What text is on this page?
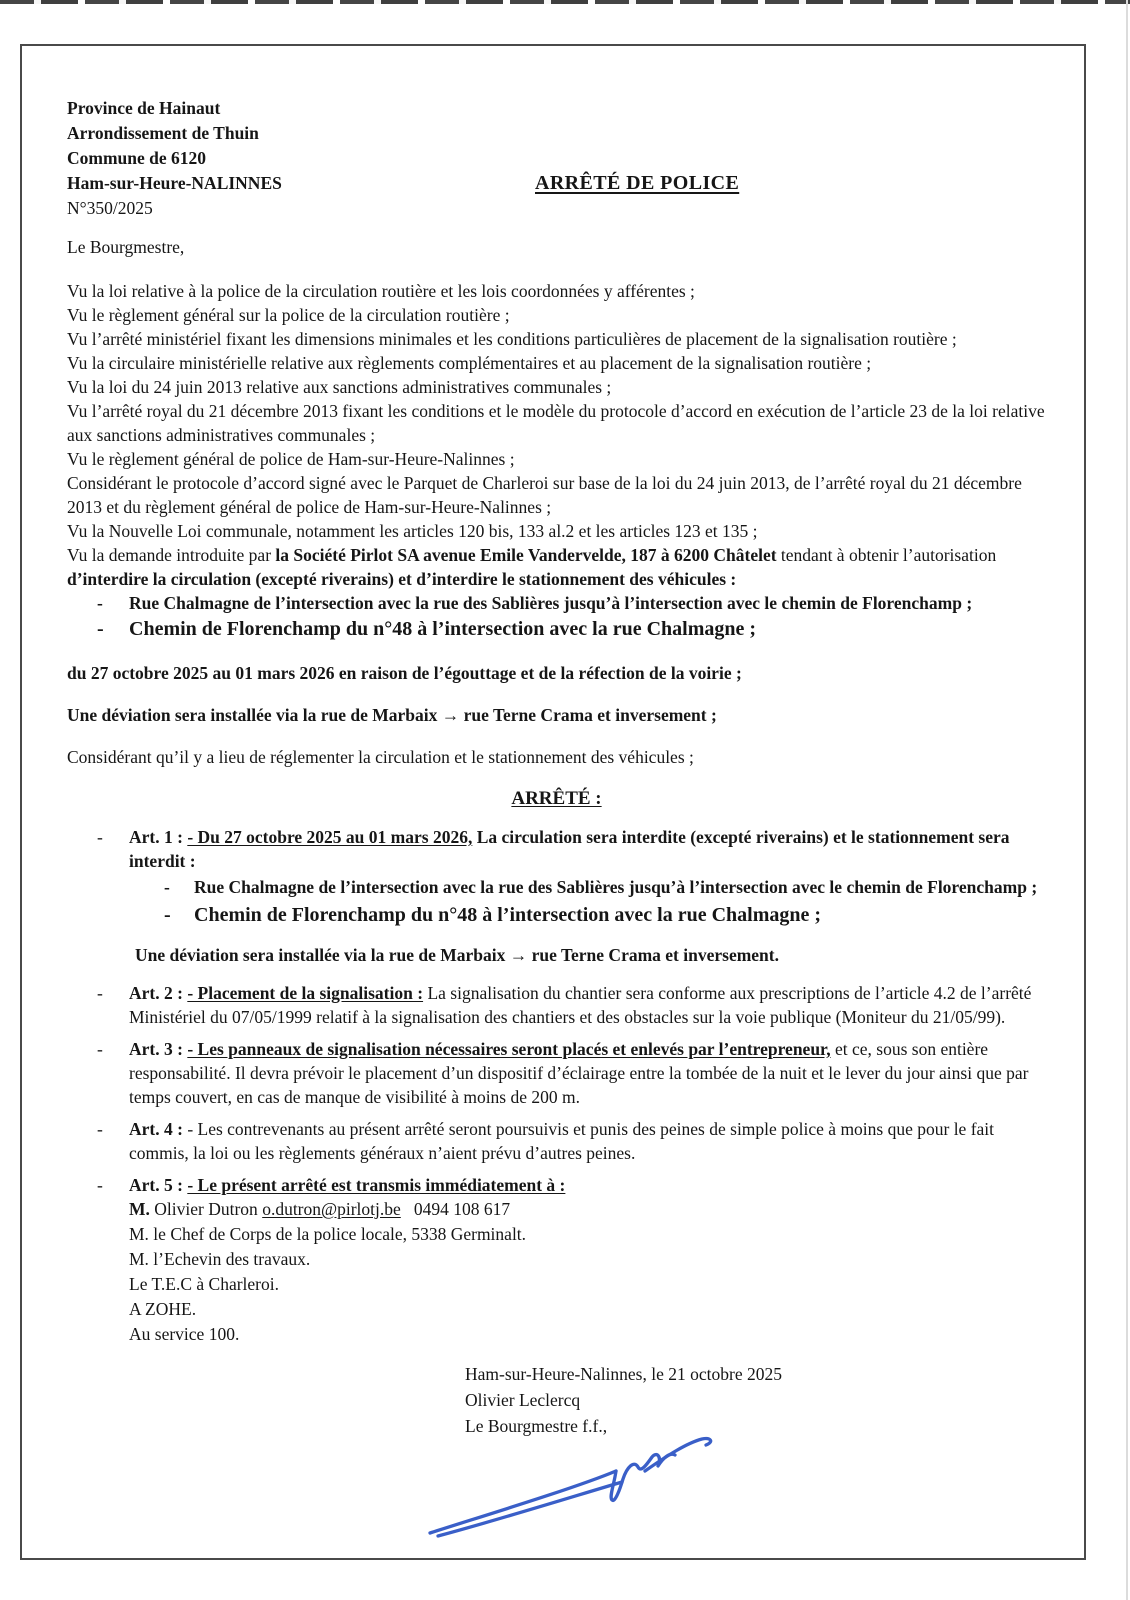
Province de Hainaut
Arrondissement de Thuin
Commune de 6120
Ham-sur-Heure-NALINNES
N°350/2025
ARRÊTÉ DE POLICE

Le Bourgmestre,

Vu la loi relative à la police de la circulation routière et les lois coordonnées y afférentes ;

Vu le règlement général sur la police de la circulation routière ;

Vu l’arrêté ministériel fixant les dimensions minimales et les conditions particulières de placement de la signalisation routière ;

Vu la circulaire ministérielle relative aux règlements complémentaires et au placement de la signalisation routière ;

Vu la loi du 24 juin 2013 relative aux sanctions administratives communales ;

Vu l’arrêté royal du 21 décembre 2013 fixant les conditions et le modèle du protocole d’accord en exécution de l’article 23 de la loi relative aux sanctions administratives communales ;

Vu le règlement général de police de Ham-sur-Heure-Nalinnes ;

Considérant le protocole d’accord signé avec le Parquet de Charleroi sur base de la loi du 24 juin 2013, de l’arrêté royal du 21 décembre 2013 et du règlement général de police de Ham-sur-Heure-Nalinnes ;

Vu la Nouvelle Loi communale, notamment les articles 120 bis, 133 al.2 et les articles 123 et 135 ;

Vu la demande introduite par la Société Pirlot SA avenue Emile Vandervelde, 187 à 6200 Châtelet tendant à obtenir l’autorisation d’interdire la circulation (excepté riverains) et d’interdire le stationnement des véhicules :

- Rue Chalmagne de l’intersection avec la rue des Sablières jusqu’à l’intersection avec le chemin de Florenchamp ;
- Chemin de Florenchamp du n°48 à l’intersection avec la rue Chalmagne ;

du 27 octobre 2025 au 01 mars 2026 en raison de l’égouttage et de la réfection de la voirie ;

Une déviation sera installée via la rue de Marbaix → rue Terne Crama et inversement ;

Considérant qu’il y a lieu de réglementer la circulation et le stationnement des véhicules ;

ARRÊTÉ :
- Art. 1 : - Du 27 octobre 2025 au 01 mars 2026, La circulation sera interdite (excepté riverains) et le stationnement sera interdit :
- Rue Chalmagne de l’intersection avec la rue des Sablières jusqu’à l’intersection avec le chemin de Florenchamp ;
- Chemin de Florenchamp du n°48 à l’intersection avec la rue Chalmagne ;
Une déviation sera installée via la rue de Marbaix → rue Terne Crama et inversement.
- Art. 2 : - Placement de la signalisation : La signalisation du chantier sera conforme aux prescriptions de l’article 4.2 de l’arrêté Ministériel du 07/05/1999 relatif à la signalisation des chantiers et des obstacles sur la voie publique (Moniteur du 21/05/99).
- Art. 3 : - Les panneaux de signalisation nécessaires seront placés et enlevés par l’entrepreneur, et ce, sous son entière responsabilité. Il devra prévoir le placement d’un dispositif d’éclairage entre la tombée de la nuit et le lever du jour ainsi que par temps couvert, en cas de manque de visibilité à moins de 200 m.
- Art. 4 : - Les contrevenants au présent arrêté seront poursuivis et punis des peines de simple police à moins que pour le fait commis, la loi ou les règlements généraux n’aient prévu d’autres peines.
- Art. 5 : - Le présent arrêté est transmis immédiatement à :

M. Olivier Dutron o.dutron@pirlotj.be 0494 108 617

M. le Chef de Corps de la police locale, 5338 Germinalt.

M. l’Echevin des travaux.

Le T.E.C à Charleroi.

A ZOHE.

Au service 100.

Ham-sur-Heure-Nalinnes, le 21 octobre 2025

Olivier Leclercq

Le Bourgmestre f.f.,
